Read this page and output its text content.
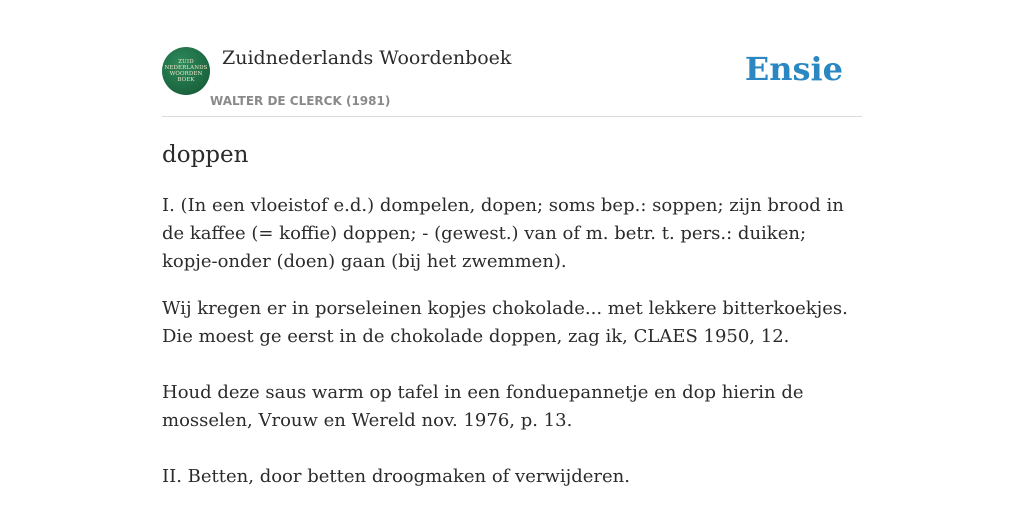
ZUID
NEDERLANDS
WOORDEN
BOEK
Zuidnederlands Woordenboek
WALTER DE CLERCK (1981)
Ensie
doppen

I. (In een vloeistof e.d.) dompelen, dopen; soms bep.: soppen; zijn brood in de kaffee (= koffie) doppen; - (gewest.) van of m. betr. t. pers.: duiken; kopje-onder (doen) gaan (bij het zwemmen).

Wij kregen er in porseleinen kopjes chokolade... met lekkere bitterkoekjes. Die moest ge eerst in de chokolade doppen, zag ik, CLAES 1950, 12.

Houd deze saus warm op tafel in een fonduepannetje en dop hierin de mosselen, Vrouw en Wereld nov. 1976, p. 13.

II. Betten, door betten droogmaken of verwijderen.
